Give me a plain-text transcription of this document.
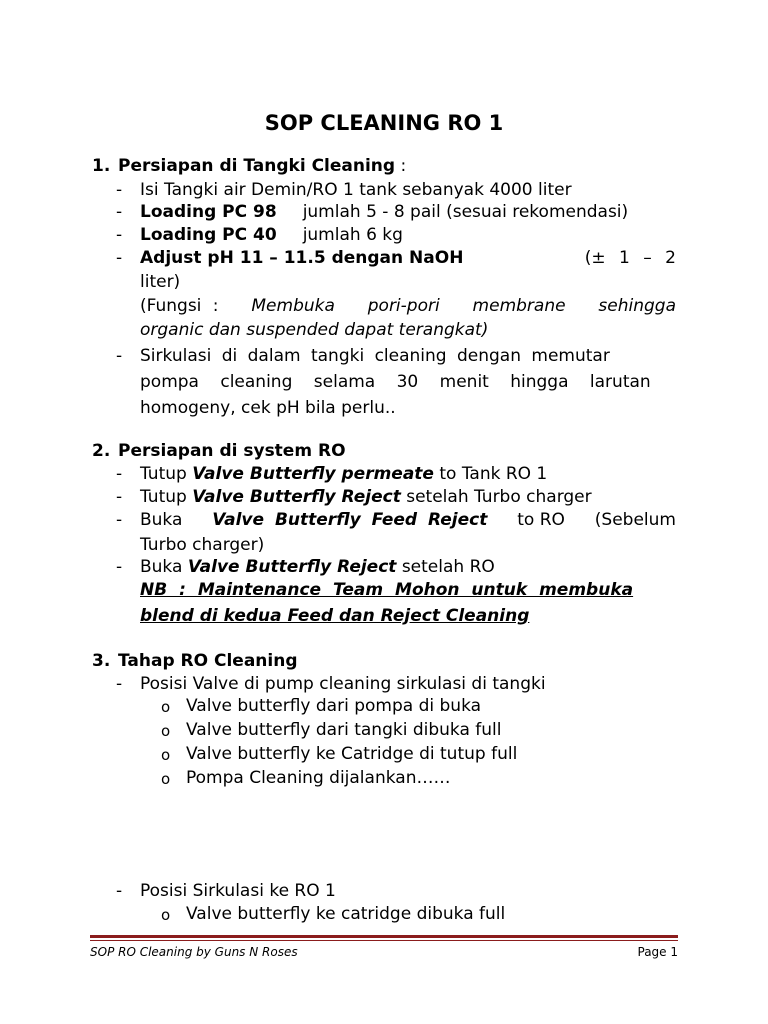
SOP CLEANING RO 1
1. Persiapan di Tangki Cleaning :
- Isi Tangki air Demin/RO 1 tank sebanyak 4000 liter
- Loading PC 98 jumlah 5 - 8 pail (sesuai rekomendasi)
- Loading PC 40 jumlah 6 kg
- Adjust pH 11 – 11.5 dengan NaOH	(± 1 – 2
liter)
(Fungsi : Membuka pori-pori membrane sehingga
organic dan suspended dapat terangkat)
- Sirkulasi di dalam tangki cleaning dengan memutar
pompa cleaning selama 30 menit hingga larutan
homogeny, cek pH bila perlu..
2. Persiapan di system RO
- Tutup Valve Butterfly permeate to Tank RO 1
- Tutup Valve Butterfly Reject setelah Turbo charger
- Buka Valve Butterfly Feed Reject to RO (Sebelum
Turbo charger)
- Buka Valve Butterfly Reject setelah RO
NB : Maintenance Team Mohon untuk membuka
blend di kedua Feed dan Reject Cleaning
3. Tahap RO Cleaning
- Posisi Valve di pump cleaning sirkulasi di tangki
o Valve butterfly dari pompa di buka
o Valve butterfly dari tangki dibuka full
o Valve butterfly ke Catridge di tutup full
o Pompa Cleaning dijalankan……
- Posisi Sirkulasi ke RO 1
o Valve butterfly ke catridge dibuka full
SOP RO Cleaning by Guns N Roses	Page 1
